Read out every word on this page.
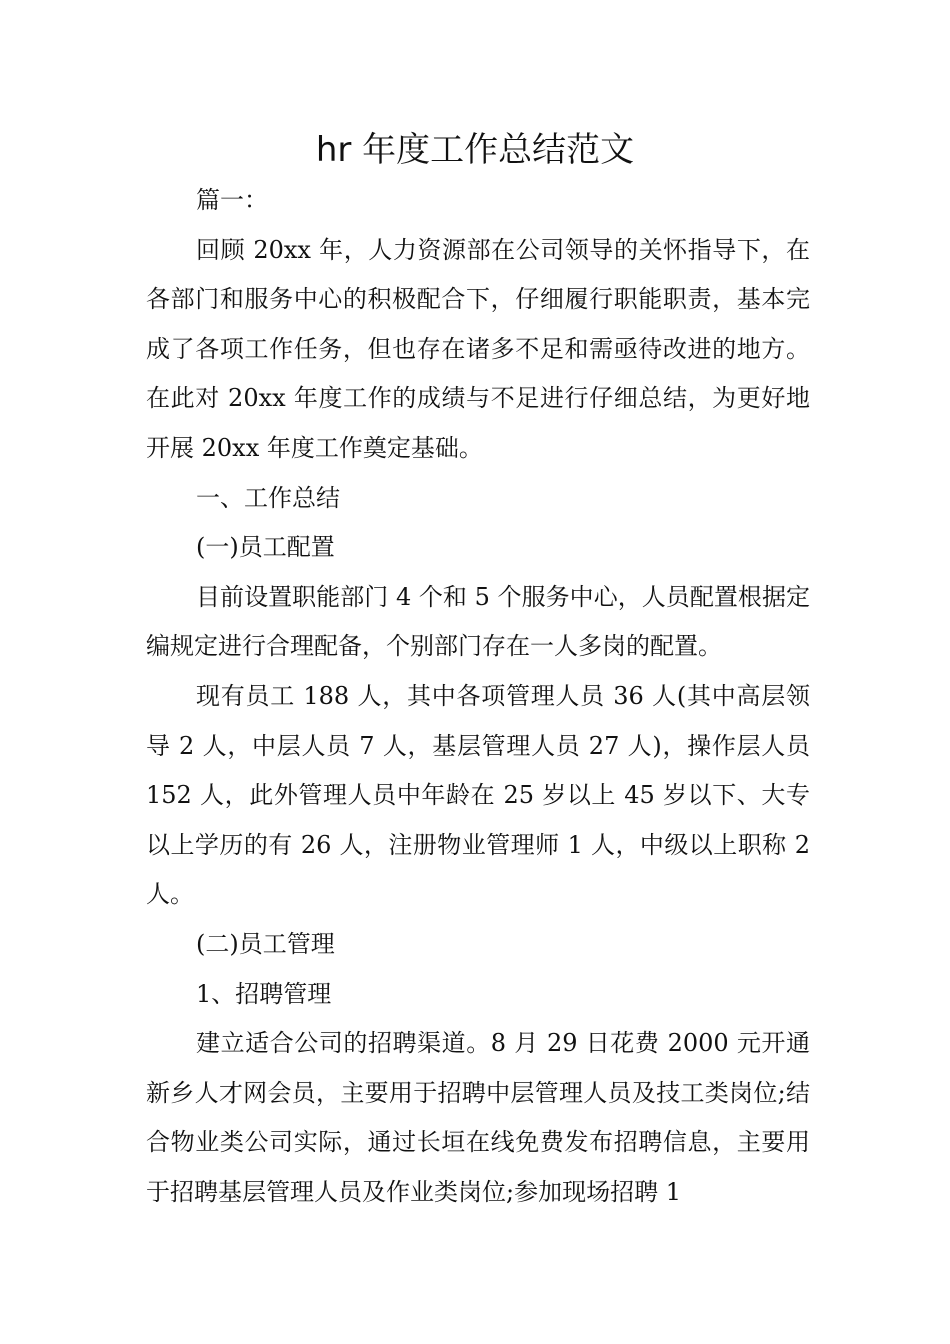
hr 年度工作总结范文

篇一：

回顾 20xx 年，人力资源部在公司领导的关怀指导下，在各部门和服务中心的积极配合下，仔细履行职能职责，基本完成了各项工作任务，但也存在诸多不足和需亟待改进的地方。在此对 20xx 年度工作的成绩与不足进行仔细总结，为更好地开展 20xx 年度工作奠定基础。

一、工作总结

(一)员工配置

目前设置职能部门 4 个和 5 个服务中心，人员配置根据定编规定进行合理配备，个别部门存在一人多岗的配置。

现有员工 188 人，其中各项管理人员 36 人(其中高层领导 2 人，中层人员 7 人，基层管理人员 27 人)，操作层人员 152 人，此外管理人员中年龄在 25 岁以上 45 岁以下、大专以上学历的有 26 人，注册物业管理师 1 人，中级以上职称 2 人。

(二)员工管理

1、招聘管理

建立适合公司的招聘渠道。8 月 29 日花费 2000 元开通新乡人才网会员，主要用于招聘中层管理人员及技工类岗位;结合物业类公司实际，通过长垣在线免费发布招聘信息，主要用于招聘基层管理人员及作业类岗位;参加现场招聘 1
